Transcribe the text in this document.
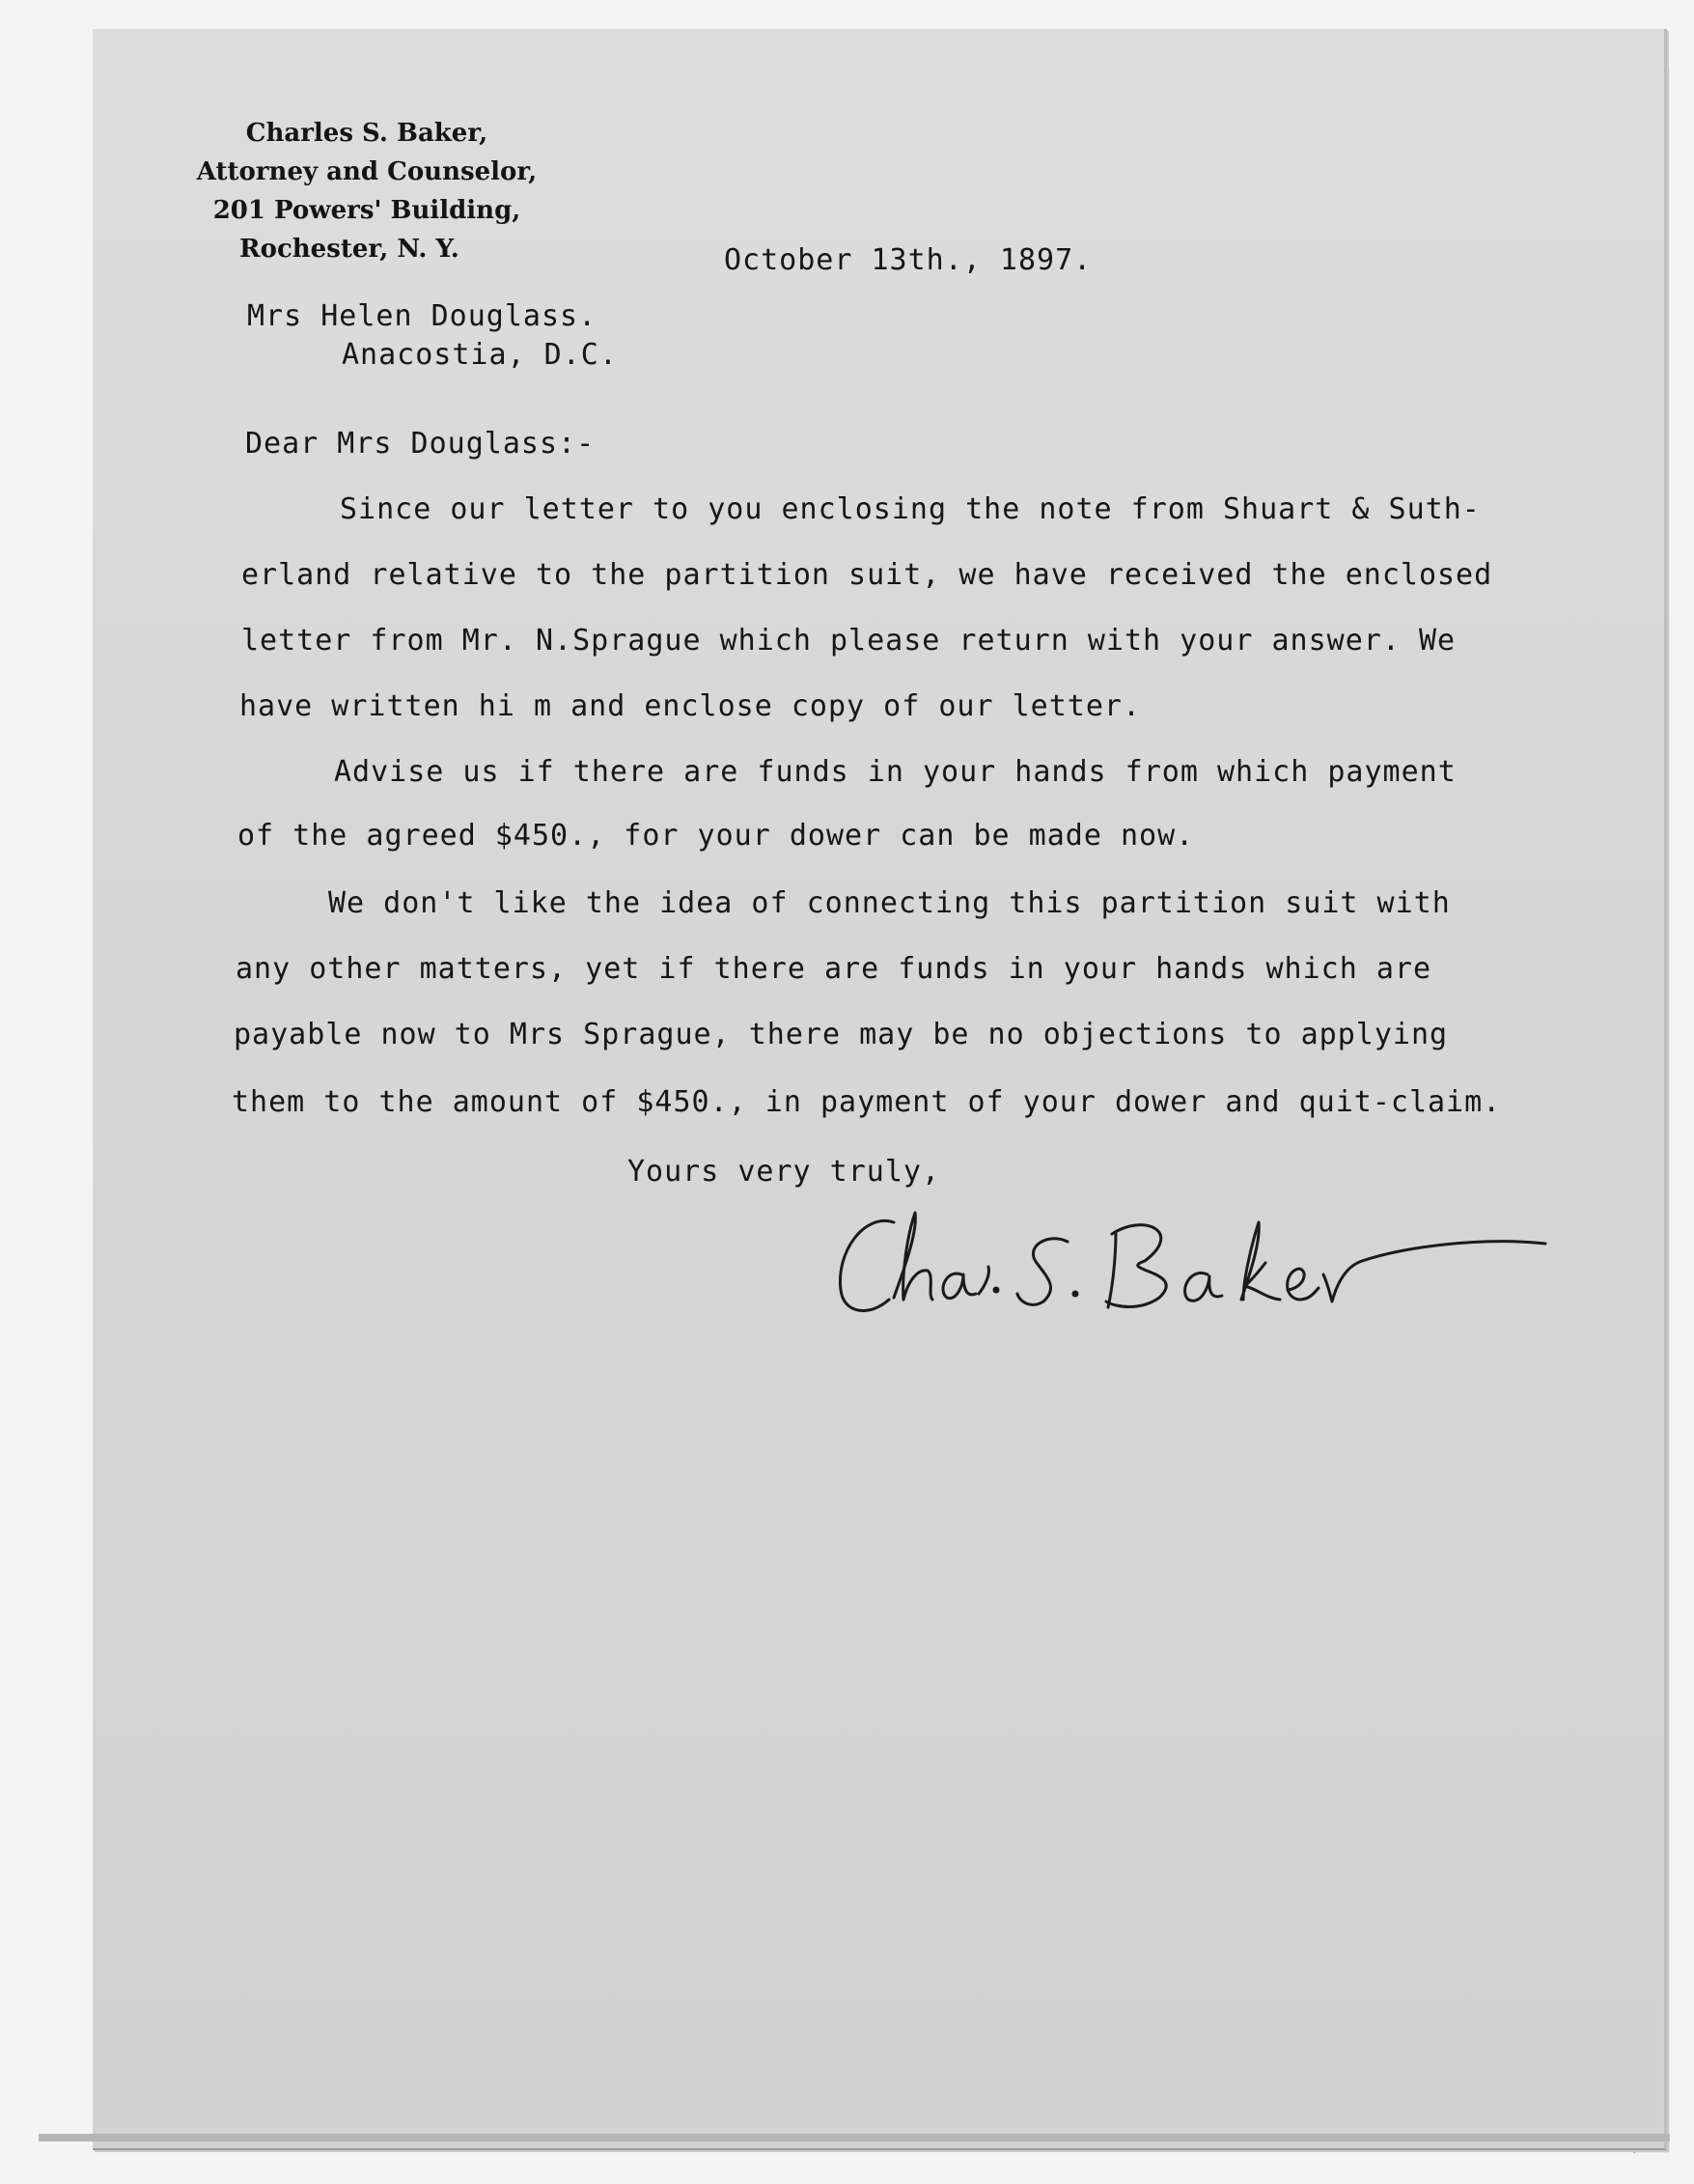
Charles S. Baker,
Attorney and Counselor,
201 Powers' Building,
Rochester, N. Y.	October 13th., 1897.
Mrs Helen Douglass.
Anacostia, D.C.
Dear Mrs Douglass:-
Since our letter to you enclosing the note from Shuart & Suth-
erland relative to the partition suit, we have received the enclosed
letter from Mr. N.Sprague which please return with your answer. We
have written hi m and enclose copy of our letter.
Advise us if there are funds in your hands from which payment
of the agreed $450., for your dower can be made now.
We don't like the idea of connecting this partition suit with
any other matters, yet if there are funds in your hands which are
payable now to Mrs Sprague, there may be no objections to applying
them to the amount of $450., in payment of your dower and quit-claim.
Yours very truly,
